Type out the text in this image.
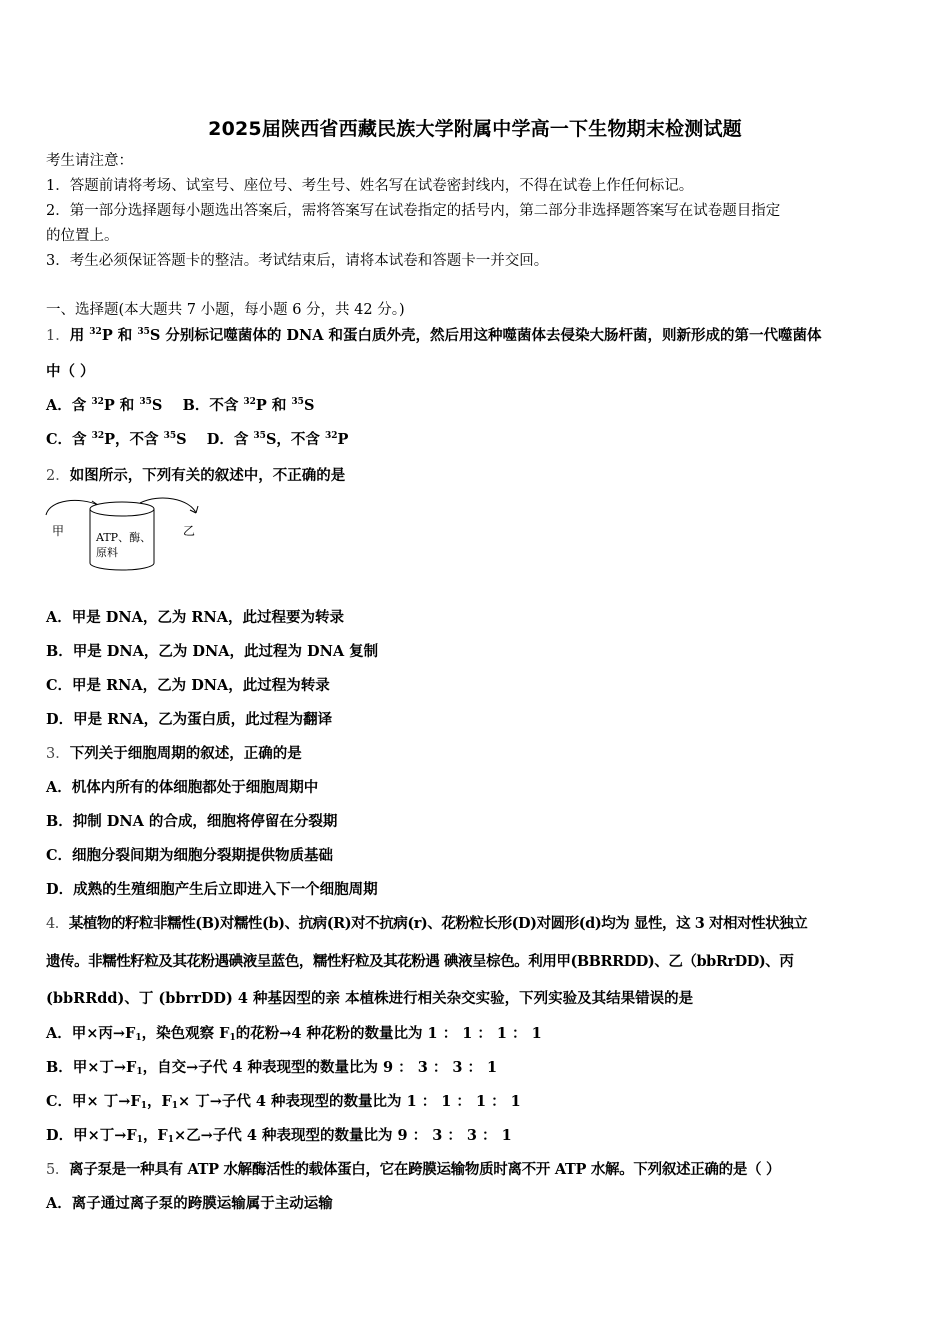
2025届陕西省西藏民族大学附属中学高一下生物期末检测试题
考生请注意：
1．答题前请将考场、试室号、座位号、考生号、姓名写在试卷密封线内，不得在试卷上作任何标记。
2．第一部分选择题每小题选出答案后，需将答案写在试卷指定的括号内，第二部分非选择题答案写在试卷题目指定
的位置上。
3．考生必须保证答题卡的整洁。考试结束后，请将本试卷和答题卡一并交回。
一、选择题(本大题共 7 小题，每小题 6 分，共 42 分。)
1．用 $^{32}$P 和 $^{35}$S 分别标记噬菌体的 DNA 和蛋白质外壳，然后用这种噬菌体去侵染大肠杆菌，则新形成的第一代噬菌体
中（ ）
A．含 $^{32}$P 和 $^{35}$S B．不含 $^{32}$P 和 $^{35}$S
C．含 $^{32}$P，不含 $^{35}$S D．含 $^{35}$S，不含 $^{32}$P
2．如图所示，下列有关的叙述中，不正确的是
甲	乙
ATP、酶、
原料
A．甲是 DNA，乙为 RNA，此过程要为转录
B．甲是 DNA，乙为 DNA，此过程为 DNA 复制
C．甲是 RNA，乙为 DNA，此过程为转录
D．甲是 RNA，乙为蛋白质，此过程为翻译
3．下列关于细胞周期的叙述，正确的是
A．机体内所有的体细胞都处于细胞周期中
B．抑制 DNA 的合成，细胞将停留在分裂期
C．细胞分裂间期为细胞分裂期提供物质基础
D．成熟的生殖细胞产生后立即进入下一个细胞周期
4．某植物的籽粒非糯性(B)对糯性(b)、抗病(R)对不抗病(r)、花粉粒长形(D)对圆形(d)均为 显性，这 3 对相对性状独立
遗传。非糯性籽粒及其花粉遇碘液呈蓝色，糯性籽粒及其花粉遇 碘液呈棕色。利用甲(BBRRDD)、乙（bbRrDD)、丙
(bbRRdd)、丁 (bbrrDD) 4 种基因型的亲 本植株进行相关杂交实验，下列实验及其结果错误的是
A．甲×丙$\to F_1$，染色观察 $F_1$的花粉→4 种花粉的数量比为 1 ： 1 ： 1 ： 1
B．甲×丁$\to F_1$，自交→子代 4 种表现型的数量比为 9 ： 3 ： 3 ： 1
C．甲× 丁$\to F_1$，$F_1\times$ 丁→子代 4 种表现型的数量比为 1 ： 1 ： 1 ： 1
D．甲×丁$\to F_1$，$F_1\times$乙→子代 4 种表现型的数量比为 9 ： 3 ： 3 ： 1
5．离子泵是一种具有 ATP 水解酶活性的载体蛋白，它在跨膜运输物质时离不开 ATP 水解。下列叙述正确的是（ ）
A．离子通过离子泵的跨膜运输属于主动运输
